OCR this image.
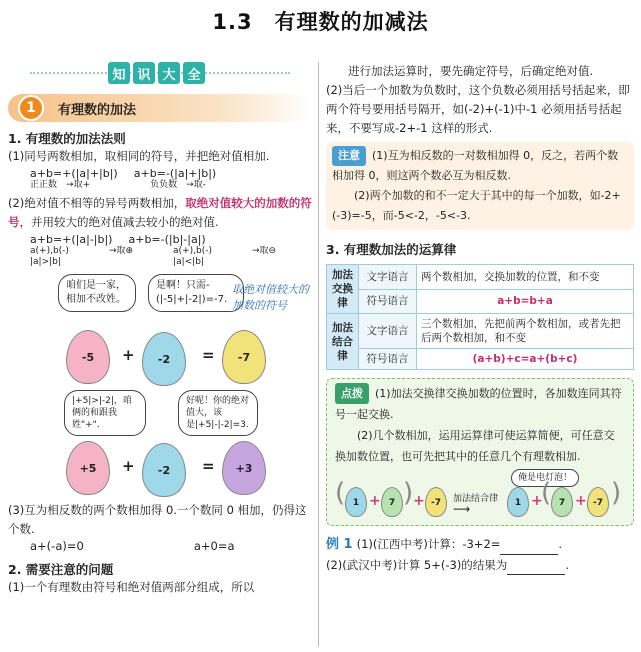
1.3　有理数的加减法
知 识 大 全
1	有理数的加法
1. 有理数的加法法则
(1)同号两数相加，取相同的符号，并把绝对值相加.
a+b=+(|a|+|b|) a+b=-(|a|+|b|)
正正数　→取+	负负数　→取-
(2)绝对值不相等的异号两数相加，取绝对值较大的加数的符号，并用较大的绝对值减去较小的绝对值.
a+b=+(|a|-|b|) a+b=-(|b|-|a|)
a(+),b(-)
|a|>|b|
→取⊕	a(+),b(-)
|a|<|b|
→取⊖
咱们是一家，相加不改姓。
是啊！只需-(|-5|+|-2|)=-7.
-5	+	-2	=	-7
|+5|>|-2|，咱俩的和跟我姓"+".
好呢！你的绝对值大，该是|+5|-|-2|=3.
+5	+	-2	=	+3
(3)互为相反数的两个数相加得 0.一个数同 0 相加，仍得这个数.
a+(-a)=0	a+0=a
2. 需要注意的问题
(1)一个有理数由符号和绝对值两部分组成，所以
取绝对值较大的加数的符号
进行加法运算时，要先确定符号，后确定绝对值.
(2)当后一个加数为负数时，这个负数必须用括号括起来，即两个符号要用括号隔开，如(-2)+(-1)中-1 必须用括号括起来，不要写成-2+-1 这样的形式.
注意 (1)互为相反数的一对数相加得 0，反之，若两个数相加得 0，则这两个数必互为相反数.
(2)两个加数的和不一定大于其中的每一个加数，如-2+(-3)=-5，而-5<-2，-5<-3.
3. 有理数加法的运算律
加法交换律	文字语言	两个数相加，交换加数的位置，和不变
	符号语言	a+b=b+a
加法结合律	文字语言	三个数相加，先把前两个数相加，或者先把后两个数相加，和不变
	符号语言	(a+b)+c=a+(b+c)
点拨 (1)加法交换律交换加数的位置时，各加数连同其符号一起交换.
(2)几个数相加，运用运算律可使运算简便，可任意交换加数位置，也可先把其中的任意几个有理数相加.
俺是电灯泡！
( 1 + 7 ) + -7	加法结合律
⟶	1 +
( 7 + -7 )
例 1 (1)(江西中考)计算：-3+2=	.
(2)(武汉中考)计算 5+(-3)的结果为	.
